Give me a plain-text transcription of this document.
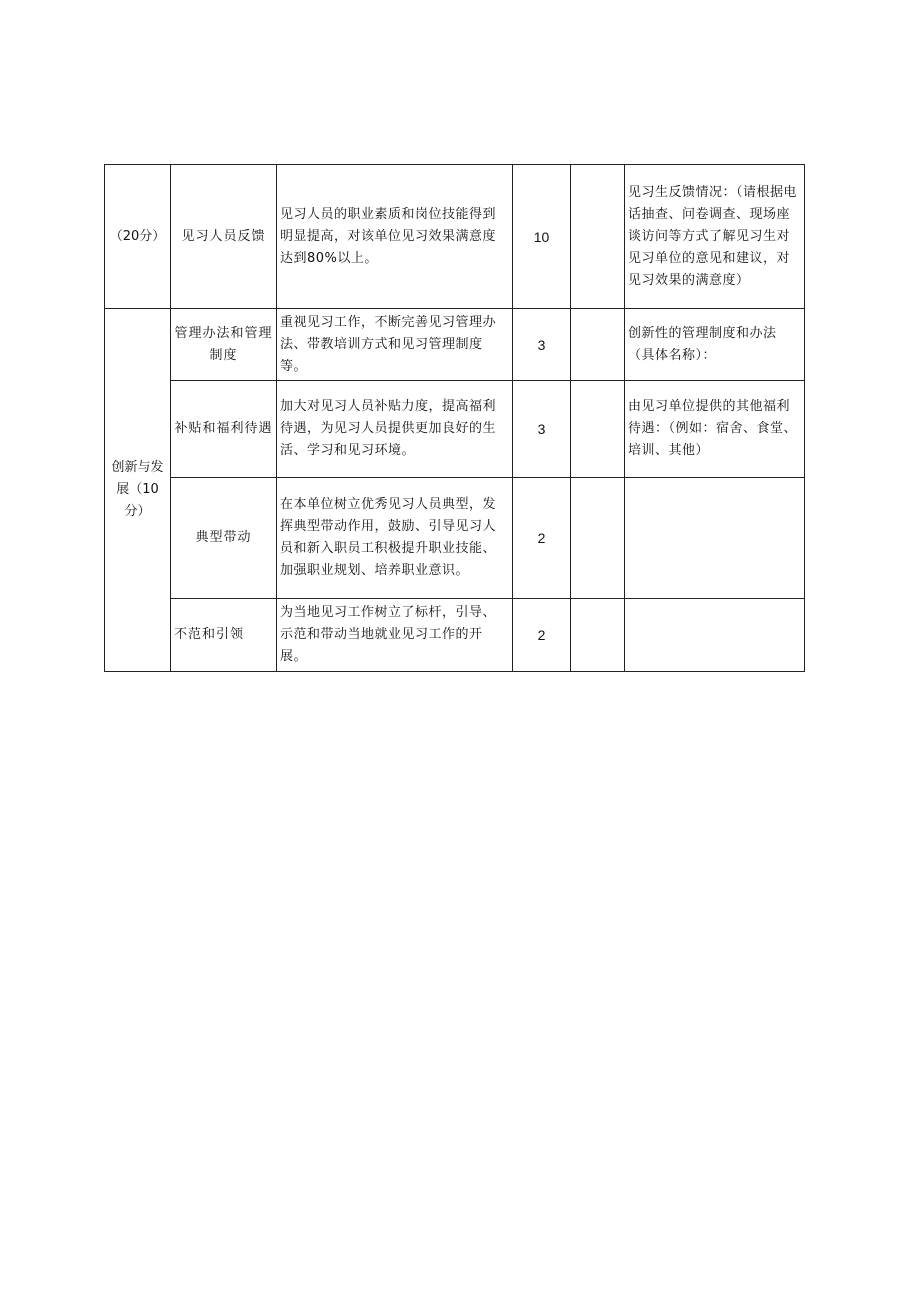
（20分）	见习人员反馈	见习人员的职业素质和岗位技能得到明显提高，对该单位见习效果满意度达到80%以上。	10		见习生反馈情况：（请根据电话抽查、问卷调查、现场座谈访问等方式了解见习生对见习单位的意见和建议，对见习效果的满意度）
创新与发展（10分）	管理办法和管理制度	重视见习工作，不断完善见习管理办法、带教培训方式和见习管理制度等。	3		创新性的管理制度和办法（具体名称）：
	补贴和福利待遇	加大对见习人员补贴力度，提高福利待遇，为见习人员提供更加良好的生活、学习和见习环境。	3		由见习单位提供的其他福利待遇：（例如：宿舍、食堂、培训、其他）
	典型带动	在本单位树立优秀见习人员典型，发挥典型带动作用，鼓励、引导见习人员和新入职员工积极提升职业技能、加强职业规划、培养职业意识。	2		
	不范和引领	为当地见习工作树立了标杆，引导、示范和带动当地就业见习工作的开展。	2		
